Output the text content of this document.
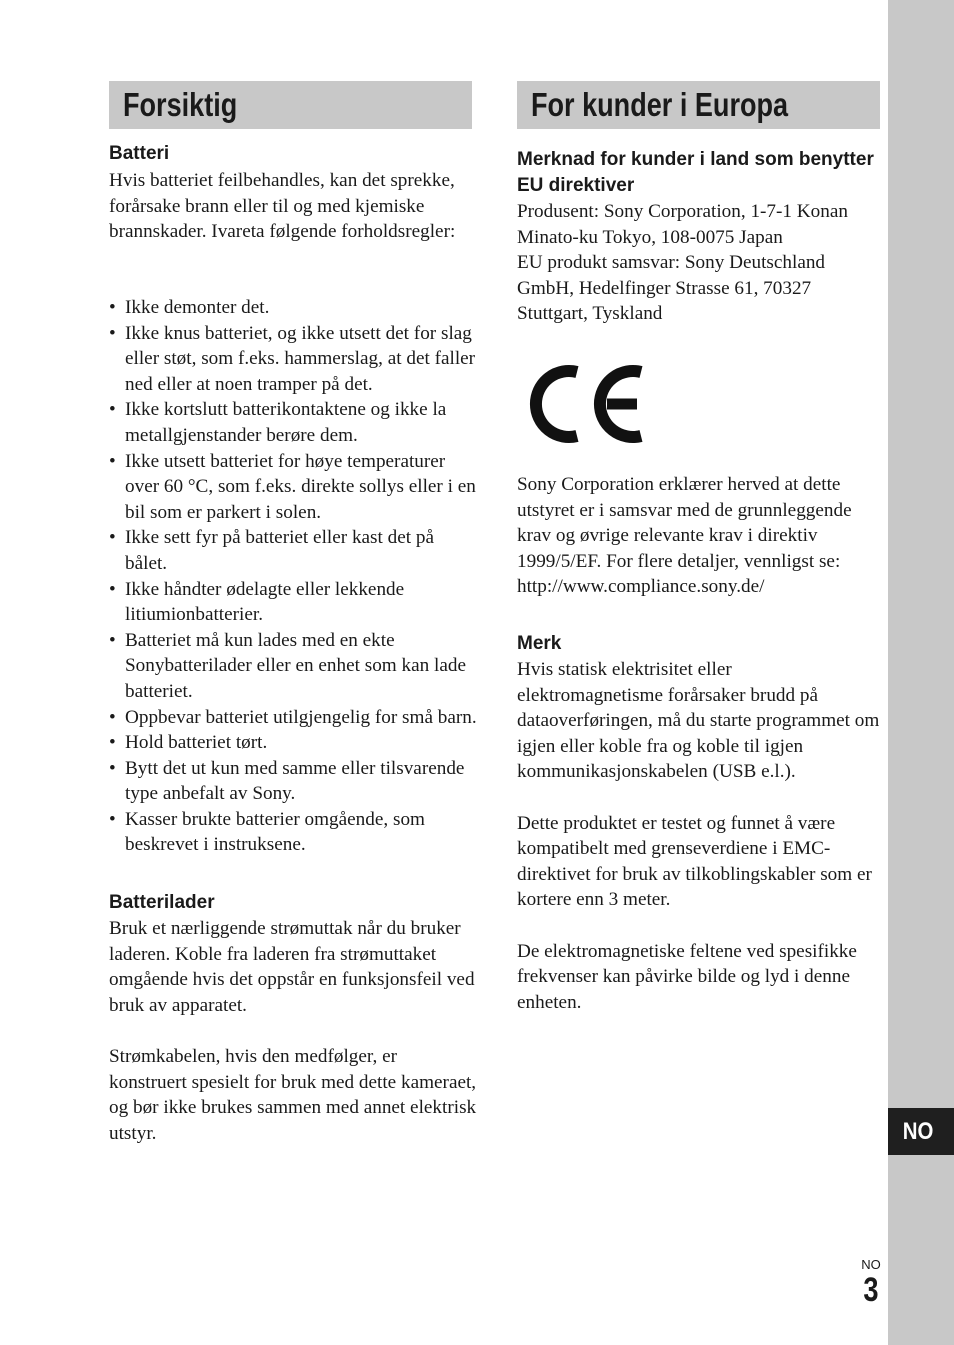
NO
Forsiktig

Batteri

Hvis batteriet feilbehandles, kan det sprekke, forårsake brann eller til og med kjemiske brannskader. Ivareta følgende forholdsregler:

• Ikke demonter det.
• Ikke knus batteriet, og ikke utsett det for slag eller støt, som f.eks. hammerslag, at det faller ned eller at noen tramper på det.
• Ikke kortslutt batterikontaktene og ikke la metallgjenstander berøre dem.
• Ikke utsett batteriet for høye temperaturer over 60 °C, som f.eks. direkte sollys eller i en bil som er parkert i solen.
• Ikke sett fyr på batteriet eller kast det på bålet.
• Ikke håndter ødelagte eller lekkende litiumionbatterier.
• Batteriet må kun lades med en ekte Sonybatterilader eller en enhet som kan lade batteriet.
• Oppbevar batteriet utilgjengelig for små barn.
• Hold batteriet tørt.
• Bytt det ut kun med samme eller tilsvarende type anbefalt av Sony.
• Kasser brukte batterier omgående, som beskrevet i instruksene.

Batterilader

Bruk et nærliggende strømuttak når du bruker laderen. Koble fra laderen fra strømuttaket omgående hvis det oppstår en funksjonsfeil ved bruk av apparatet.

Strømkabelen, hvis den medfølger, er konstruert spesielt for bruk med dette kameraet, og bør ikke brukes sammen med annet elektrisk utstyr.

For kunder i Europa

Merknad for kunder i land som benytter EU direktiver

Produsent: Sony Corporation, 1-7-1 Konan Minato-ku Tokyo, 108-0075 Japan
EU produkt samsvar: Sony Deutschland GmbH, Hedelfinger Strasse 61, 70327 Stuttgart, Tyskland

Sony Corporation erklærer herved at dette utstyret er i samsvar med de grunnleggende krav og øvrige relevante krav i direktiv 1999/5/EF. For flere detaljer, vennligst se: http://www.compliance.sony.de/

Merk

Hvis statisk elektrisitet eller elektromagnetisme forårsaker brudd på dataoverføringen, må du starte programmet om igjen eller koble fra og koble til igjen kommunikasjonskabelen (USB e.l.).

Dette produktet er testet og funnet å være kompatibelt med grenseverdiene i EMC-direktivet for bruk av tilkoblingskabler som er kortere enn 3 meter.

De elektromagnetiske feltene ved spesifikke frekvenser kan påvirke bilde og lyd i denne enheten.

NO
3
